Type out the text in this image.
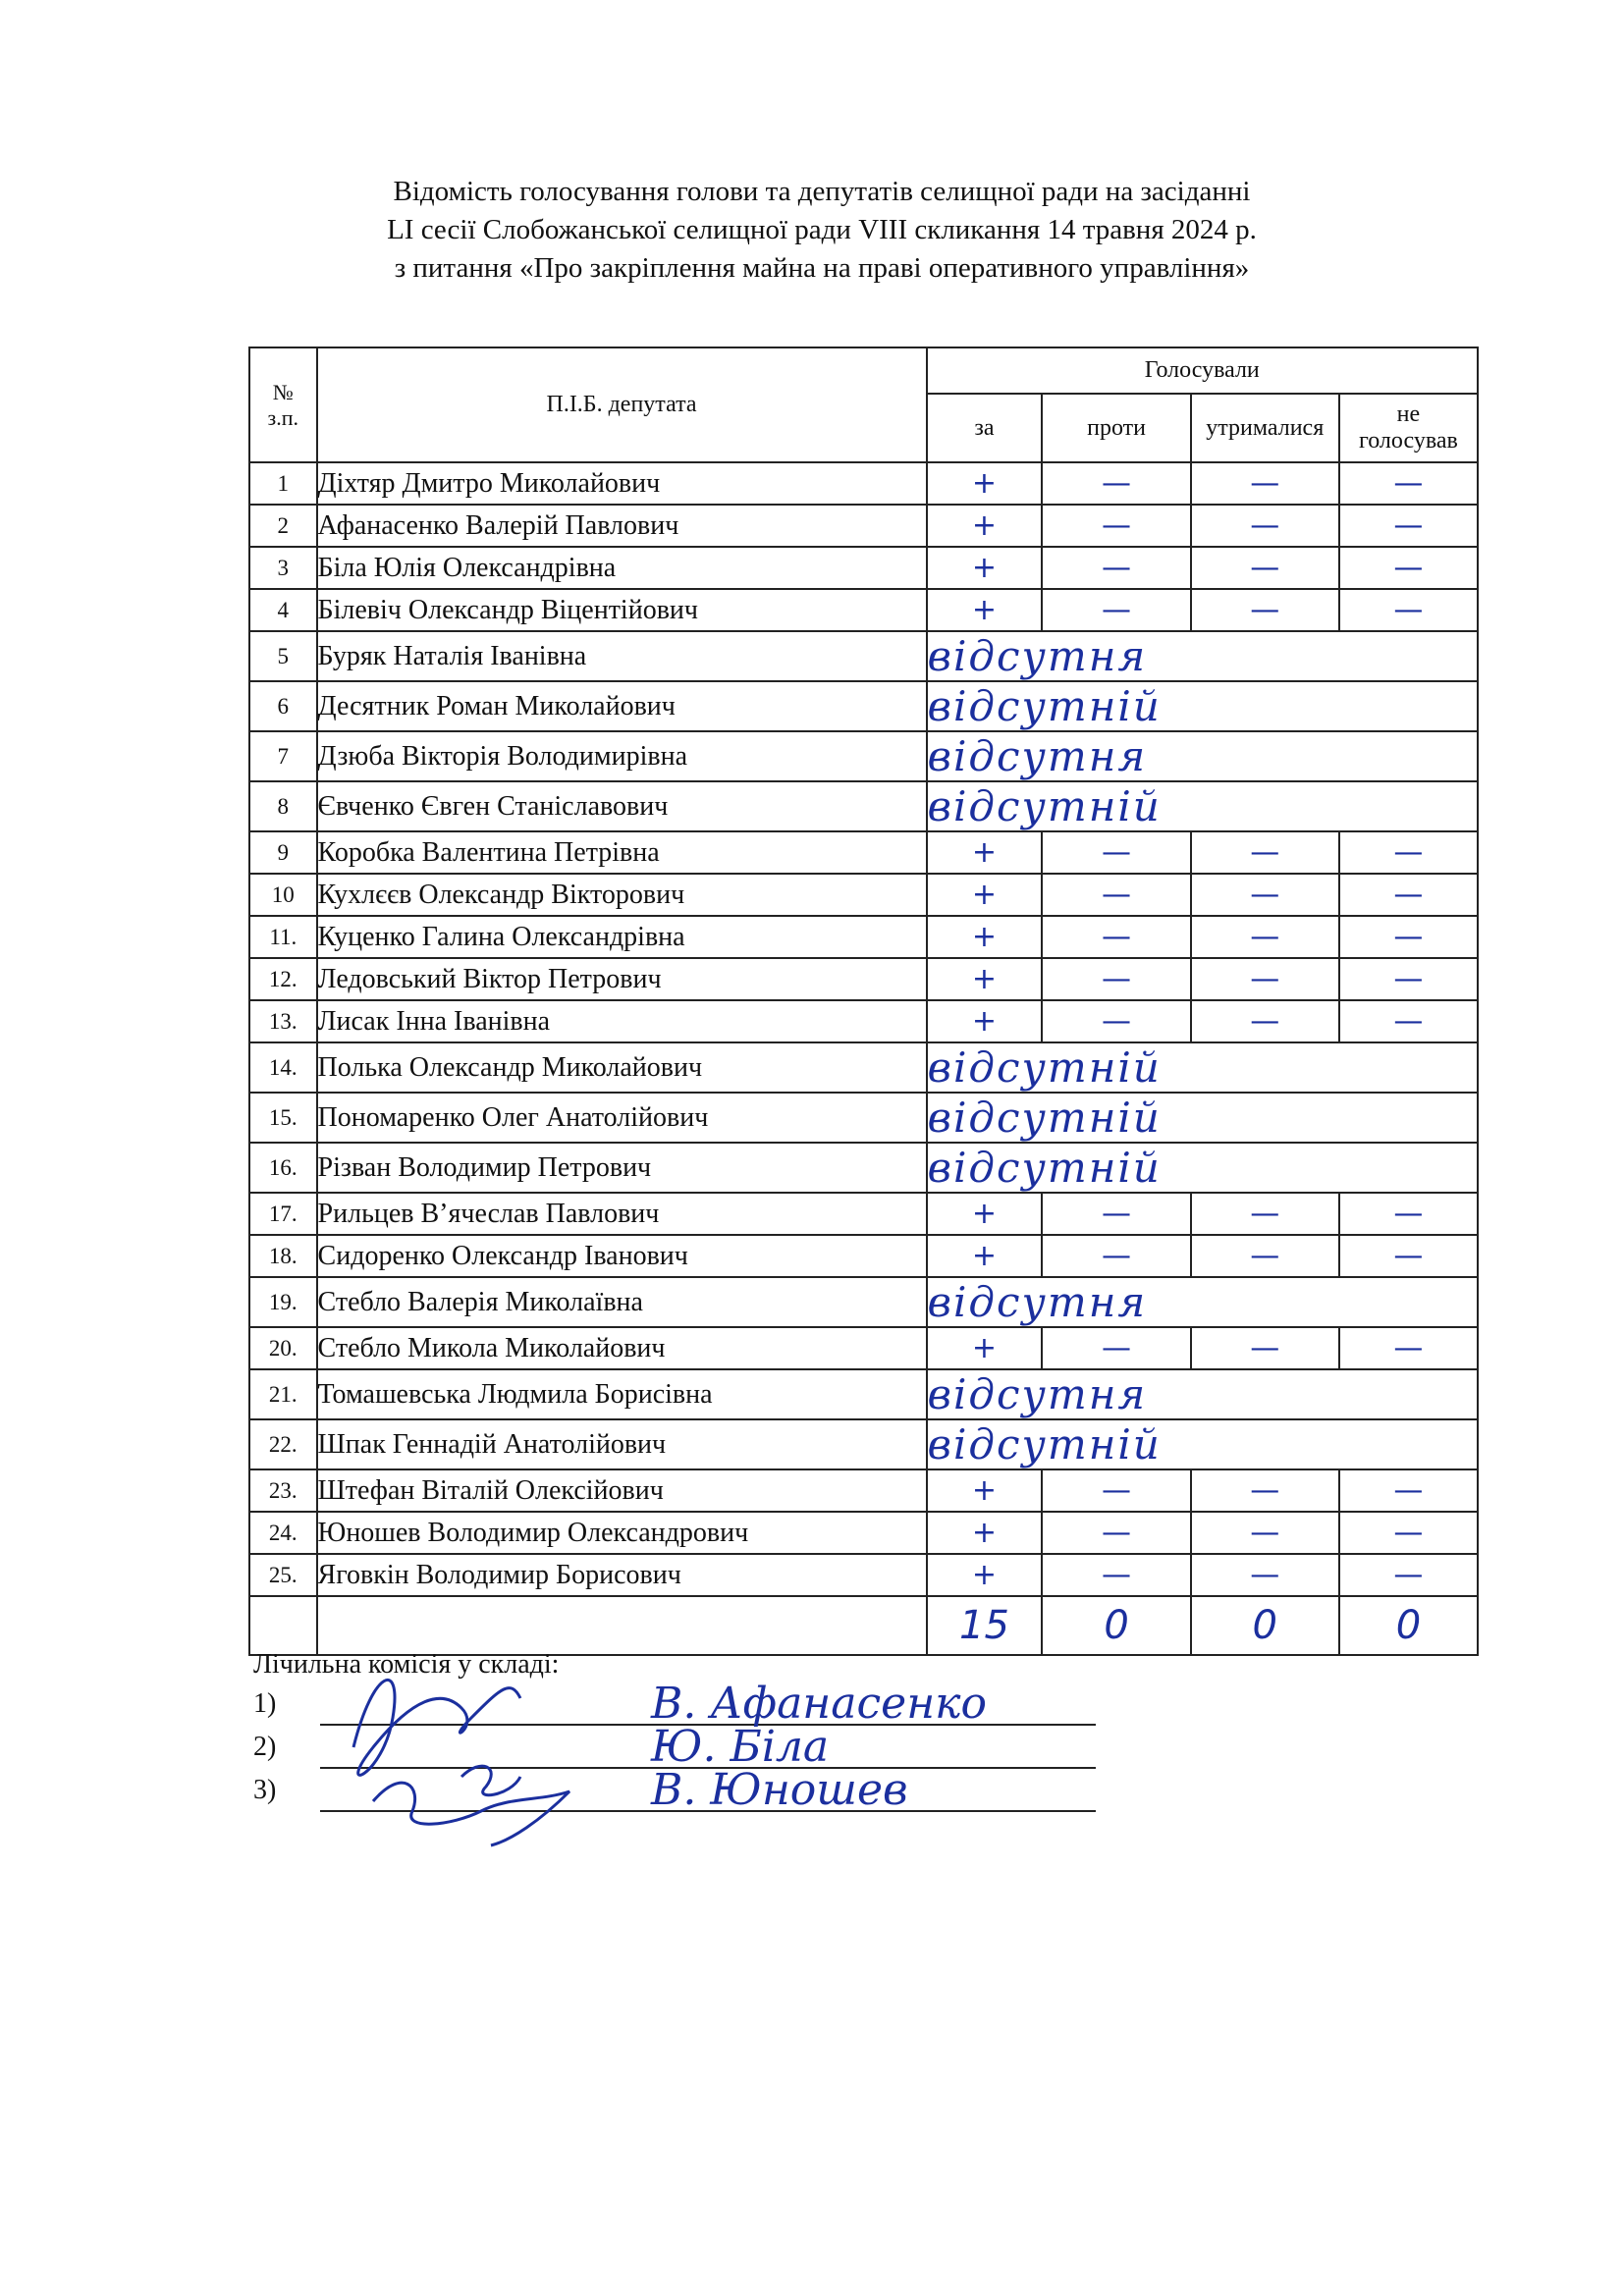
Відомість голосування голови та депутатів селищної ради на засіданні
LI сесії Слобожанської селищної ради VIII скликання 14 травня 2024 р.
з питання «Про закріплення майна на праві оперативного управління»
№
з.п.	П.І.Б. депутата	Голосували			
		за	проти	утрималися	не
голосував
1	Діхтяр Дмитро Миколайович	+	—	—	—
2	Афанасенко Валерій Павлович	+	—	—	—
3	Біла Юлія Олександрівна	+	—	—	—
4	Білевіч Олександр Віцентійович	+	—	—	—
5	Буряк Наталія Іванівна	відсутня			
6	Десятник Роман Миколайович	відсутній			
7	Дзюба Вікторія Володимирівна	відсутня			
8	Євченко Євген Станіславович	відсутній			
9	Коробка Валентина Петрівна	+	—	—	—
10	Кухлєєв Олександр Вікторович	+	—	—	—
11.	Куценко Галина Олександрівна	+	—	—	—
12.	Ледовський Віктор Петрович	+	—	—	—
13.	Лисак Інна Іванівна	+	—	—	—
14.	Полька Олександр Миколайович	відсутній			
15.	Пономаренко Олег Анатолійович	відсутній			
16.	Різван Володимир Петрович	відсутній			
17.	Рильцев В’ячеслав Павлович	+	—	—	—
18.	Сидоренко Олександр Іванович	+	—	—	—
19.	Стебло Валерія Миколаївна	відсутня			
20.	Стебло Микола Миколайович	+	—	—	—
21.	Томашевська Людмила Борисівна	відсутня			
22.	Шпак Геннадій Анатолійович	відсутній			
23.	Штефан Віталій Олексійович	+	—	—	—
24.	Юношев Володимир Олександрович	+	—	—	—
25.	Яговкін Володимир Борисович	+	—	—	—
		15	0	0	0
Лічильна комісія у складі:
1)	В. Афанасенко
2)	Ю. Біла
3)	В. Юношев
